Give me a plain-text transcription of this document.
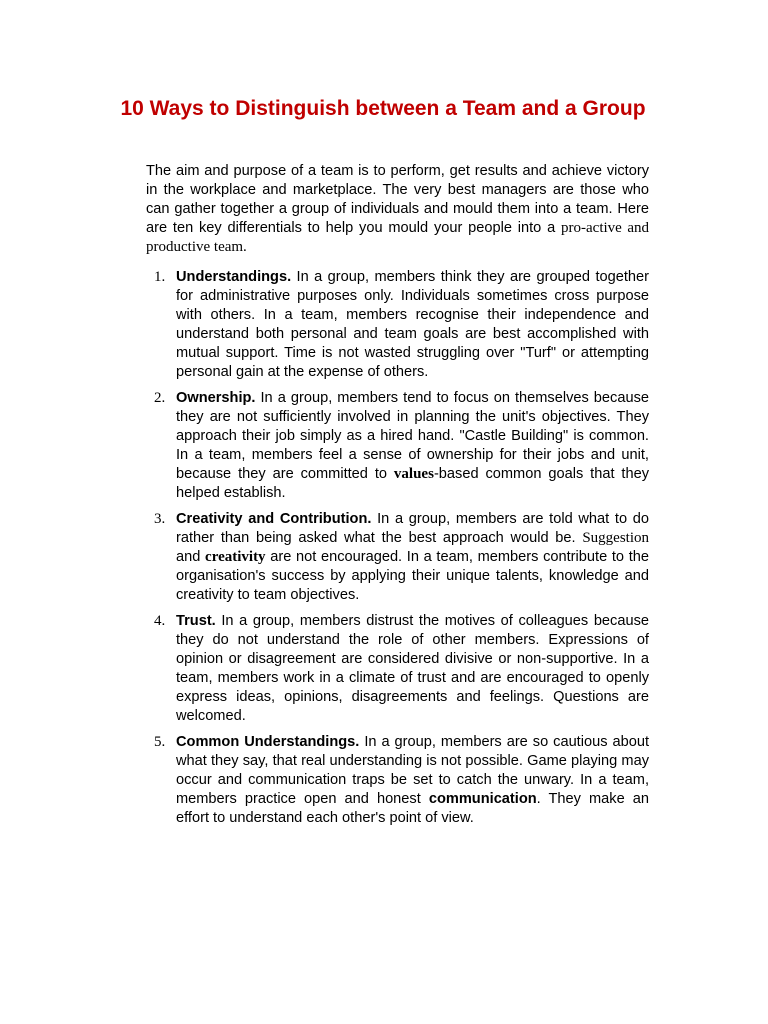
10 Ways to Distinguish between a Team and a Group

The aim and purpose of a team is to perform, get results and achieve victory in the workplace and marketplace. The very best managers are those who can gather together a group of individuals and mould them into a team. Here are ten key differentials to help you mould your people into a pro-active and productive team.

1. Understandings. In a group, members think they are grouped together for administrative purposes only. Individuals sometimes cross purpose with others. In a team, members recognise their independence and understand both personal and team goals are best accomplished with mutual support. Time is not wasted struggling over "Turf" or attempting personal gain at the expense of others.
2. Ownership. In a group, members tend to focus on themselves because they are not sufficiently involved in planning the unit's objectives. They approach their job simply as a hired hand. "Castle Building" is common. In a team, members feel a sense of ownership for their jobs and unit, because they are committed to values-based common goals that they helped establish.
3. Creativity and Contribution. In a group, members are told what to do rather than being asked what the best approach would be. Suggestion and creativity are not encouraged. In a team, members contribute to the organisation's success by applying their unique talents, knowledge and creativity to team objectives.
4. Trust. In a group, members distrust the motives of colleagues because they do not understand the role of other members. Expressions of opinion or disagreement are considered divisive or non-supportive. In a team, members work in a climate of trust and are encouraged to openly express ideas, opinions, disagreements and feelings. Questions are welcomed.
5. Common Understandings. In a group, members are so cautious about what they say, that real understanding is not possible. Game playing may occur and communication traps be set to catch the unwary. In a team, members practice open and honest communication. They make an effort to understand each other's point of view.
